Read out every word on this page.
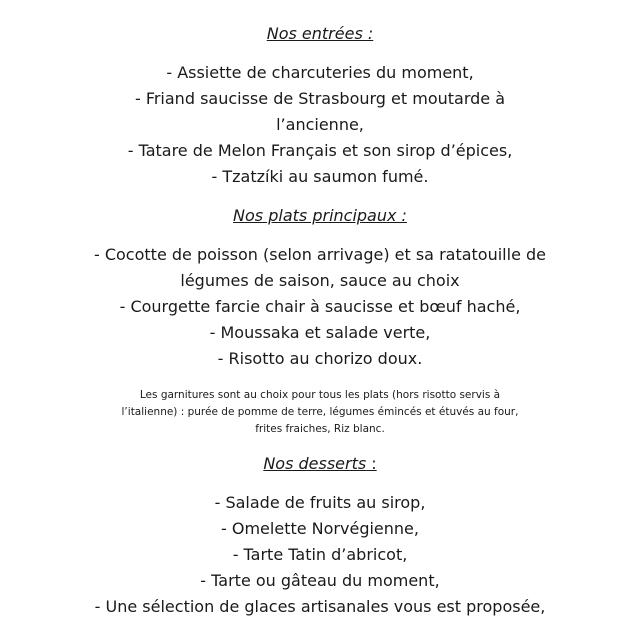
Nos entrées :
- Assiette de charcuteries du moment,
- Friand saucisse de Strasbourg et moutarde à
l’ancienne,
- Tatare de Melon Français et son sirop d’épices,
- Tzatzíki au saumon fumé.
Nos plats principaux :
- Cocotte de poisson (selon arrivage) et sa ratatouille de
légumes de saison, sauce au choix
- Courgette farcie chair à saucisse et bœuf haché,
- Moussaka et salade verte,
- Risotto au chorizo doux.
Les garnitures sont au choix pour tous les plats (hors risotto servis à
l’italienne) : purée de pomme de terre, légumes émincés et étuvés au four,
frites fraiches, Riz blanc.
Nos desserts :
- Salade de fruits au sirop,
- Omelette Norvégienne,
- Tarte Tatin d’abricot,
- Tarte ou gâteau du moment,
- Une sélection de glaces artisanales vous est proposée,
